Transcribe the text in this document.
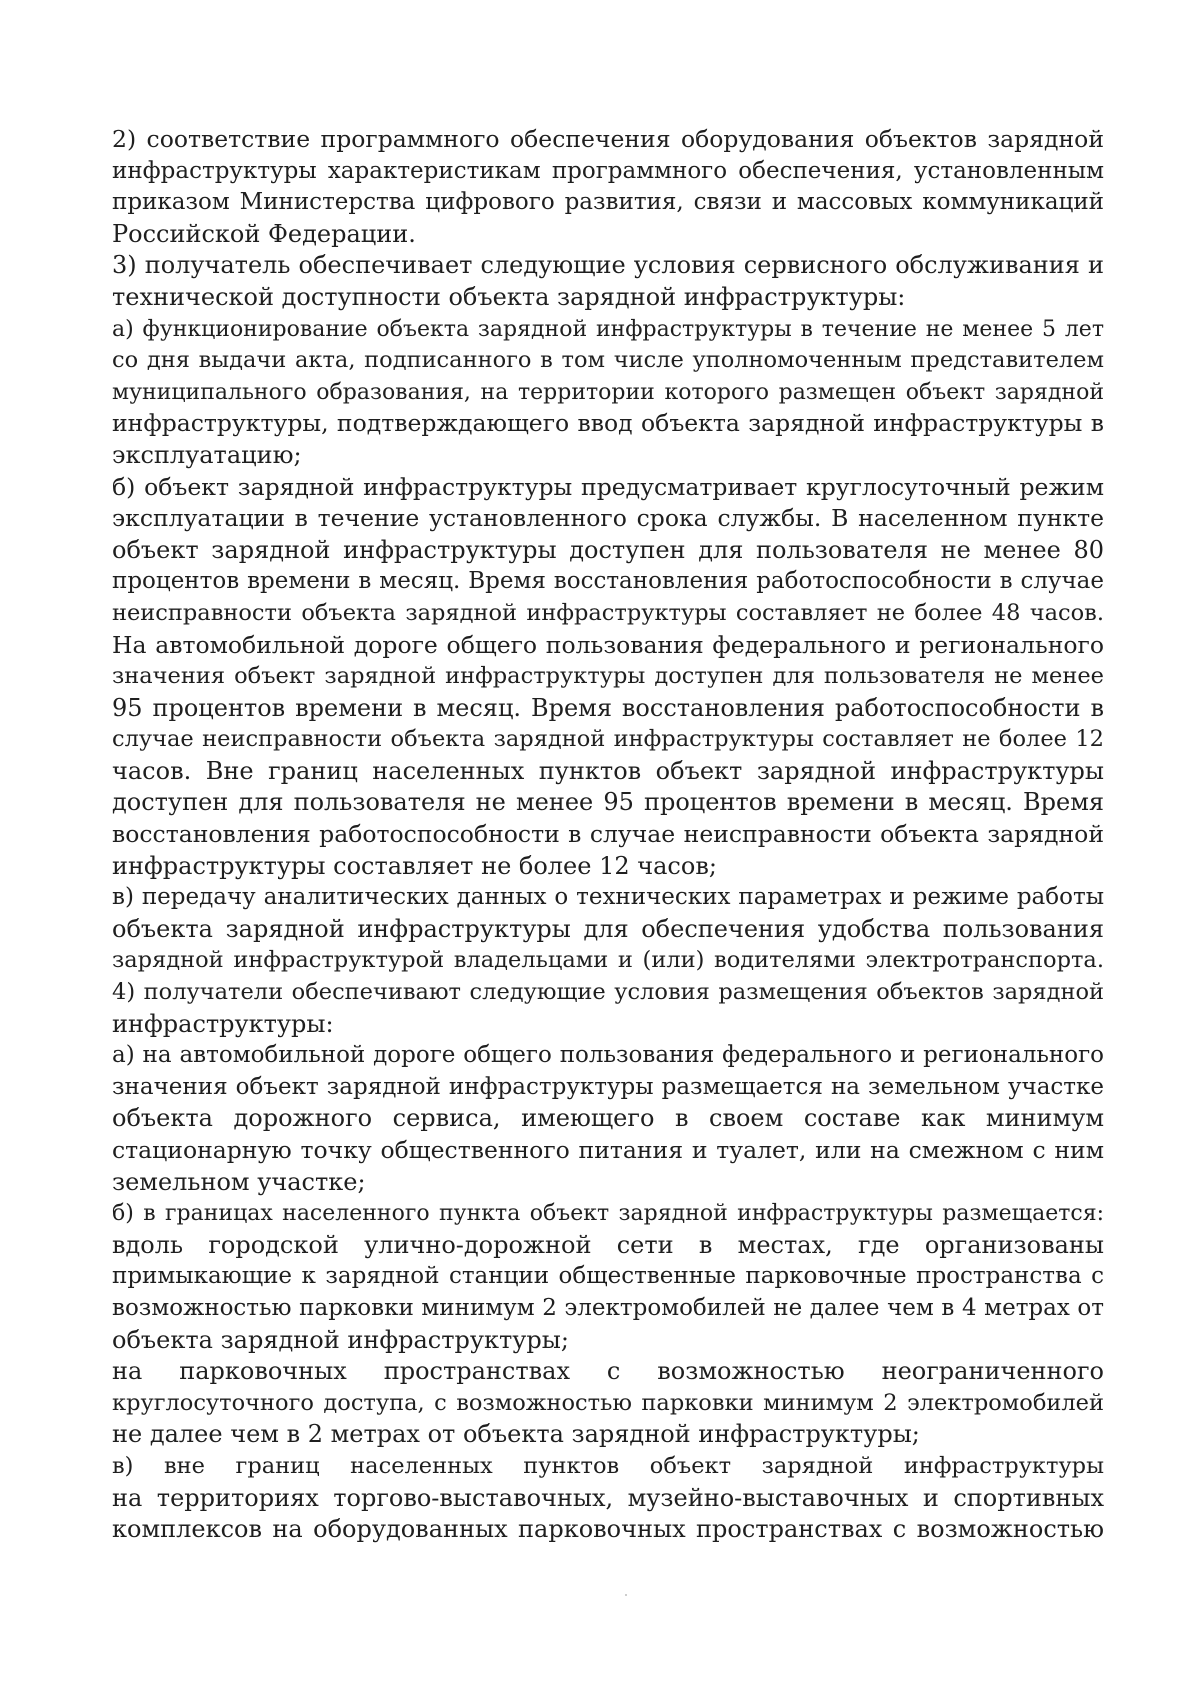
2) соответствие программного обеспечения оборудования объектов зарядной
инфраструктуры характеристикам программного обеспечения, установленным
приказом Министерства цифрового развития, связи и массовых коммуникаций
Российской Федерации.
3) получатель обеспечивает следующие условия сервисного обслуживания и
технической доступности объекта зарядной инфраструктуры:
а) функционирование объекта зарядной инфраструктуры в течение не менее 5 лет
со дня выдачи акта, подписанного в том числе уполномоченным представителем
муниципального образования, на территории которого размещен объект зарядной
инфраструктуры, подтверждающего ввод объекта зарядной инфраструктуры в
эксплуатацию;
б) объект зарядной инфраструктуры предусматривает круглосуточный режим
эксплуатации в течение установленного срока службы. В населенном пункте
объект зарядной инфраструктуры доступен для пользователя не менее 80
процентов времени в месяц. Время восстановления работоспособности в случае
неисправности объекта зарядной инфраструктуры составляет не более 48 часов.
На автомобильной дороге общего пользования федерального и регионального
значения объект зарядной инфраструктуры доступен для пользователя не менее
95 процентов времени в месяц. Время восстановления работоспособности в
случае неисправности объекта зарядной инфраструктуры составляет не более 12
часов. Вне границ населенных пунктов объект зарядной инфраструктуры
доступен для пользователя не менее 95 процентов времени в месяц. Время
восстановления работоспособности в случае неисправности объекта зарядной
инфраструктуры составляет не более 12 часов;
в) передачу аналитических данных о технических параметрах и режиме работы
объекта зарядной инфраструктуры для обеспечения удобства пользования
зарядной инфраструктурой владельцами и (или) водителями электротранспорта.
4) получатели обеспечивают следующие условия размещения объектов зарядной
инфраструктуры:
а) на автомобильной дороге общего пользования федерального и регионального
значения объект зарядной инфраструктуры размещается на земельном участке
объекта дорожного сервиса, имеющего в своем составе как минимум
стационарную точку общественного питания и туалет, или на смежном с ним
земельном участке;
б) в границах населенного пункта объект зарядной инфраструктуры размещается:
вдоль городской улично-дорожной сети в местах, где организованы
примыкающие к зарядной станции общественные парковочные пространства с
возможностью парковки минимум 2 электромобилей не далее чем в 4 метрах от
объекта зарядной инфраструктуры;
на парковочных пространствах с возможностью неограниченного
круглосуточного доступа, с возможностью парковки минимум 2 электромобилей
не далее чем в 2 метрах от объекта зарядной инфраструктуры;
в) вне границ населенных пунктов объект зарядной инфраструктуры
на территориях торгово-выставочных, музейно-выставочных и спортивных
комплексов на оборудованных парковочных пространствах с возможностью
